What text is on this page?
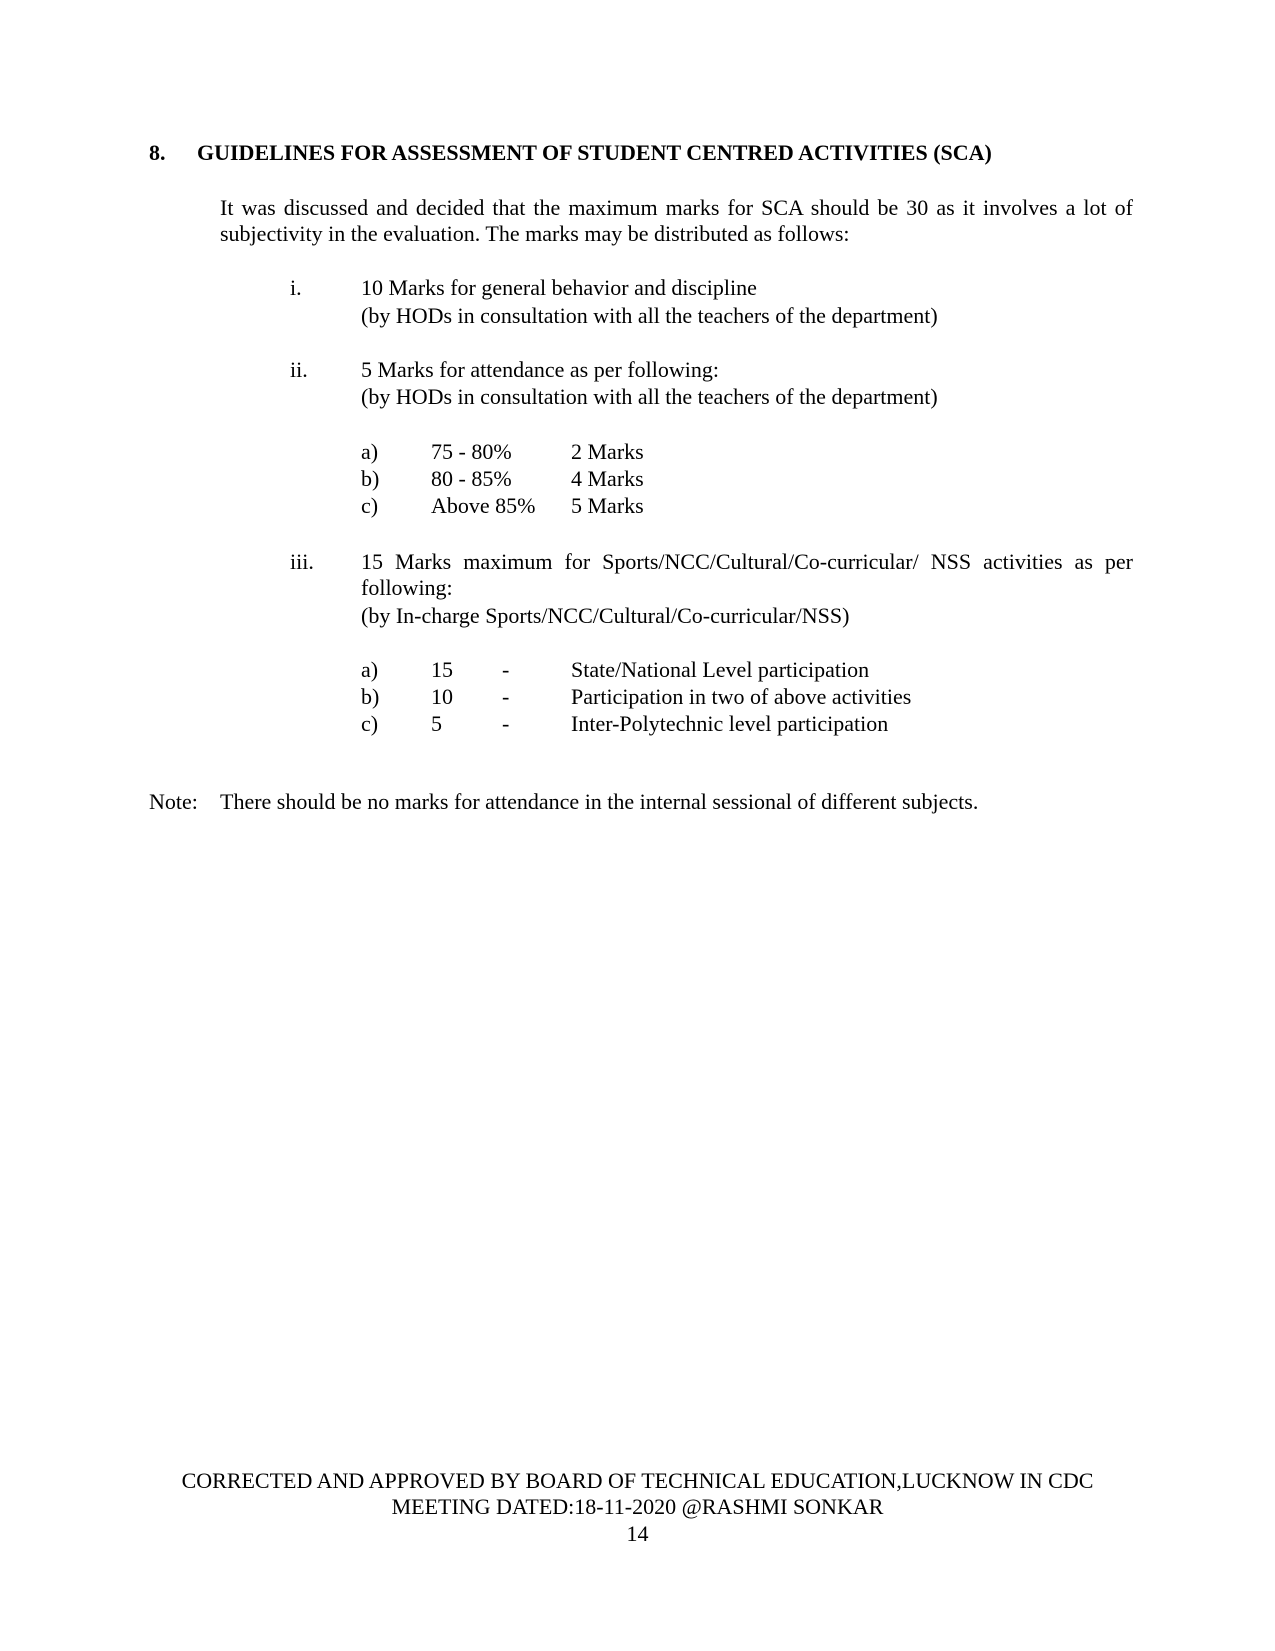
8. GUIDELINES FOR ASSESSMENT OF STUDENT CENTRED ACTIVITIES (SCA)
It was discussed and decided that the maximum marks for SCA should be 30 as it involves a lot of subjectivity in the evaluation. The marks may be distributed as follows:
i.	10 Marks for general behavior and discipline
(by HODs in consultation with all the teachers of the department)
ii. 5 Marks for attendance as per following:
(by HODs in consultation with all the teachers of the department)
a) 75 - 80%	2 Marks
b) 80 - 85%	4 Marks
c) Above 85% 5 Marks
iii. 15 Marks maximum for Sports/NCC/Cultural/Co-curricular/ NSS activities as per following:
(by In-charge Sports/NCC/Cultural/Co-curricular/NSS)
a) 15 -	State/National Level participation
b) 10 -	Participation in two of above activities
c) 5	-	Inter-Polytechnic level participation
Note: There should be no marks for attendance in the internal sessional of different subjects.
CORRECTED AND APPROVED BY BOARD OF TECHNICAL EDUCATION,LUCKNOW IN CDC
MEETING DATED:18-11-2020 @RASHMI SONKAR
14
